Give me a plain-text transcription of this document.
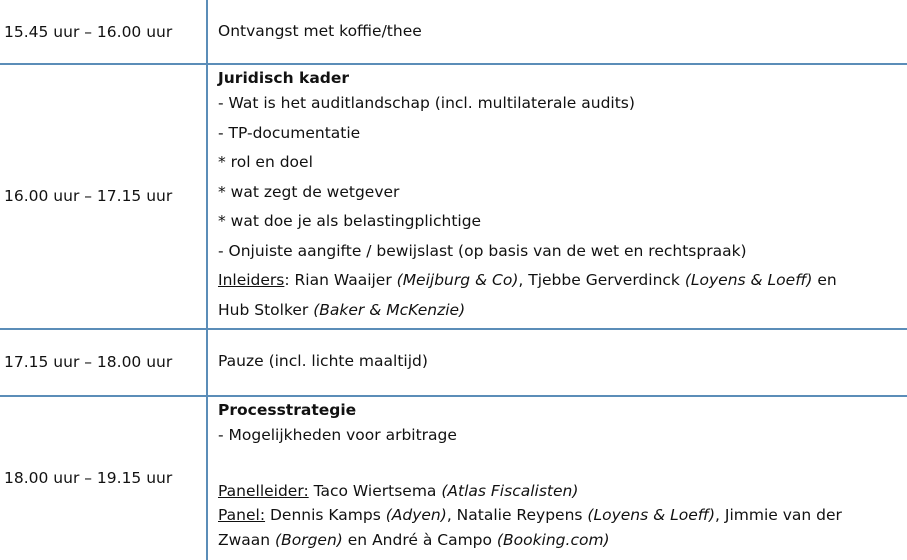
15.45 uur – 16.00 uur	Ontvangst met koffie/thee
16.00 uur – 17.15 uur
Juridisch kader
- Wat is het auditlandschap (incl. multilaterale audits)
- TP-documentatie
* rol en doel
* wat zegt de wetgever
* wat doe je als belastingplichtige
- Onjuiste aangifte / bewijslast (op basis van de wet en rechtspraak)
Inleiders: Rian Waaijer (Meijburg & Co), Tjebbe Gerverdinck (Loyens & Loeff) en
Hub Stolker (Baker & McKenzie)
17.15 uur – 18.00 uur	Pauze (incl. lichte maaltijd)
18.00 uur – 19.15 uur
Processtrategie
- Mogelijkheden voor arbitrage
Panelleider: Taco Wiertsema (Atlas Fiscalisten)
Panel: Dennis Kamps (Adyen), Natalie Reypens (Loyens & Loeff), Jimmie van der
Zwaan (Borgen) en André à Campo (Booking.com)
